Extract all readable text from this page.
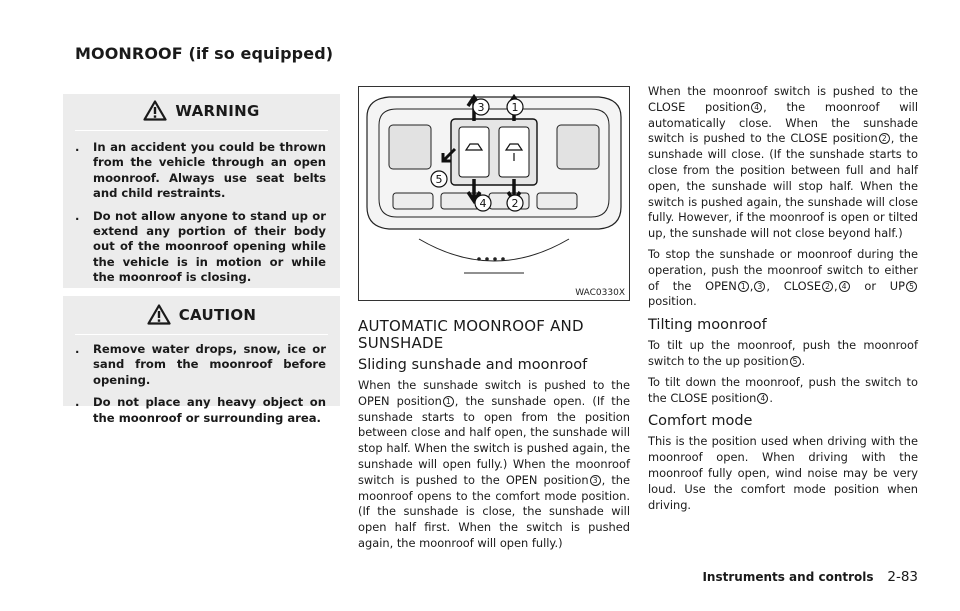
MOONROOF (if so equipped)
WARNING
. In an accident you could be thrown from the vehicle through an open moonroof. Always use seat belts and child restraints.
. Do not allow anyone to stand up or extend any portion of their body out of the moonroof opening while the vehicle is in motion or while the moonroof is closing.
CAUTION
. Remove water drops, snow, ice or sand from the moonroof before opening.
. Do not place any heavy object on the moonroof or surrounding area.
3 1
5
4 2
WAC0330X
AUTOMATIC MOONROOF AND SUNSHADE
Sliding sunshade and moonroof

When the sunshade switch is pushed to the OPEN position 1 , the sunshade open. (If the sunshade starts to open from the position between close and half open, the sunshade will stop half. When the switch is pushed again, the sunshade will open fully.) When the moonroof switch is pushed to the OPEN position 3 , the moonroof opens to the comfort mode position. (If the sunshade is close, the sunshade will open half first. When the switch is pushed again, the moonroof will open fully.)

When the moonroof switch is pushed to the CLOSE position 4 , the moonroof will automatically close. When the sunshade switch is pushed to the CLOSE position 2 , the sunshade will close. (If the sunshade starts to close from the position between full and half open, the sunshade will stop half. When the switch is pushed again, the sunshade will close fully. However, if the moonroof is open or tilted up, the sunshade will not close beyond half.)

To stop the sunshade or moonroof during the operation, push the moonroof switch to either of the OPEN 1 , 3 , CLOSE 2 , 4 or UP 5 position.

Tilting moonroof

To tilt up the moonroof, push the moonroof switch to the up position 5 .

To tilt down the moonroof, push the switch to the CLOSE position 4 .

Comfort mode

This is the position used when driving with the moonroof open. When driving with the moonroof fully open, wind noise may be very loud. Use the comfort mode position when driving.

Instruments and controls 2-83
